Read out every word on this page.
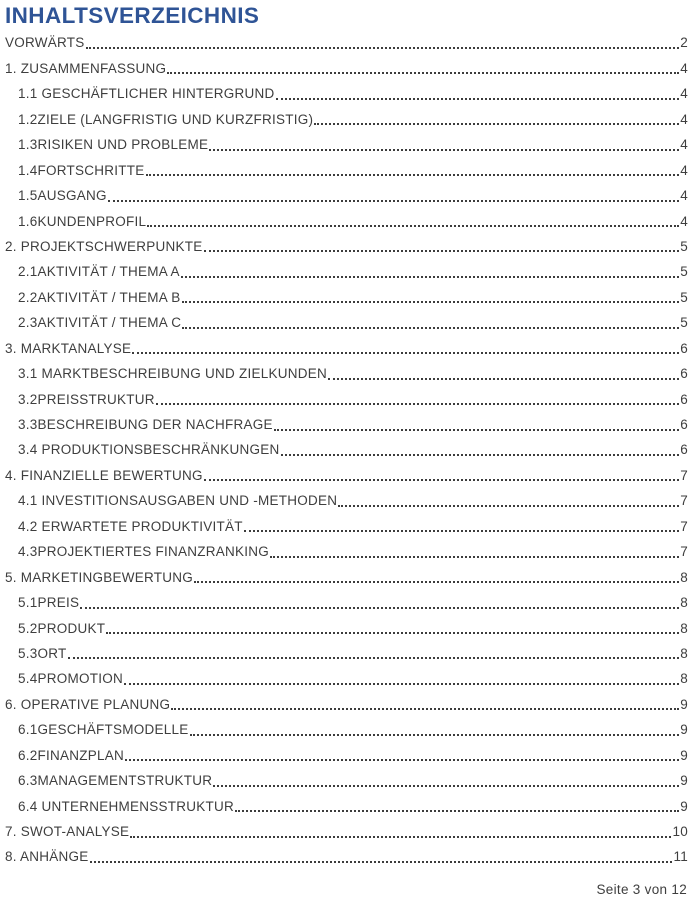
INHALTSVERZEICHNIS
VORWÄRTS	2
1. ZUSAMMENFASSUNG	4
1.1 GESCHÄFTLICHER HINTERGRUND	4
1.2ZIELE (LANGFRISTIG UND KURZFRISTIG)	4
1.3RISIKEN UND PROBLEME	4
1.4FORTSCHRITTE	4
1.5AUSGANG	4
1.6KUNDENPROFIL	4
2. PROJEKTSCHWERPUNKTE	5
2.1AKTIVITÄT / THEMA A	5
2.2AKTIVITÄT / THEMA B	5
2.3AKTIVITÄT / THEMA C	5
3. MARKTANALYSE	6
3.1 MARKTBESCHREIBUNG UND ZIELKUNDEN	6
3.2PREISSTRUKTUR	6
3.3BESCHREIBUNG DER NACHFRAGE	6
3.4 PRODUKTIONSBESCHRÄNKUNGEN	6
4. FINANZIELLE BEWERTUNG	7
4.1 INVESTITIONSAUSGABEN UND -METHODEN	7
4.2 ERWARTETE PRODUKTIVITÄT	7
4.3PROJEKTIERTES FINANZRANKING	7
5. MARKETINGBEWERTUNG	8
5.1PREIS	8
5.2PRODUKT	8
5.3ORT	8
5.4PROMOTION	8
6. OPERATIVE PLANUNG	9
6.1GESCHÄFTSMODELLE	9
6.2FINANZPLAN	9
6.3MANAGEMENTSTRUKTUR	9
6.4 UNTERNEHMENSSTRUKTUR	9
7. SWOT-ANALYSE	10
8. ANHÄNGE	11
Seite 3 von 12
